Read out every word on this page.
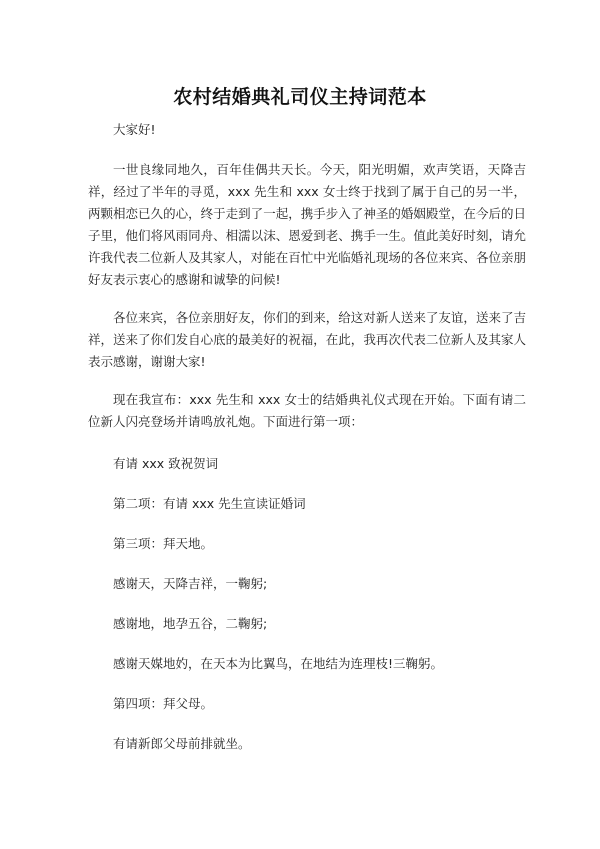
农村结婚典礼司仪主持词范本

大家好!

一世良缘同地久，百年佳偶共天长。今天，阳光明媚，欢声笑语，天降吉祥，经过了半年的寻觅，xxx 先生和 xxx 女士终于找到了属于自己的另一半，两颗相恋已久的心，终于走到了一起，携手步入了神圣的婚姻殿堂，在今后的日子里，他们将风雨同舟、相濡以沫、恩爱到老、携手一生。值此美好时刻，请允许我代表二位新人及其家人，对能在百忙中光临婚礼现场的各位来宾、各位亲朋好友表示衷心的感谢和诚挚的问候!

各位来宾，各位亲朋好友，你们的到来，给这对新人送来了友谊，送来了吉祥，送来了你们发自心底的最美好的祝福，在此，我再次代表二位新人及其家人表示感谢，谢谢大家!

现在我宣布：xxx 先生和 xxx 女士的结婚典礼仪式现在开始。下面有请二位新人闪亮登场并请鸣放礼炮。下面进行第一项：

有请 xxx 致祝贺词

第二项：有请 xxx 先生宣读证婚词

第三项：拜天地。

感谢天，天降吉祥，一鞠躬;

感谢地，地孕五谷，二鞠躬;

感谢天媒地妁，在天本为比翼鸟，在地结为连理枝!三鞠躬。

第四项：拜父母。

有请新郎父母前排就坐。
